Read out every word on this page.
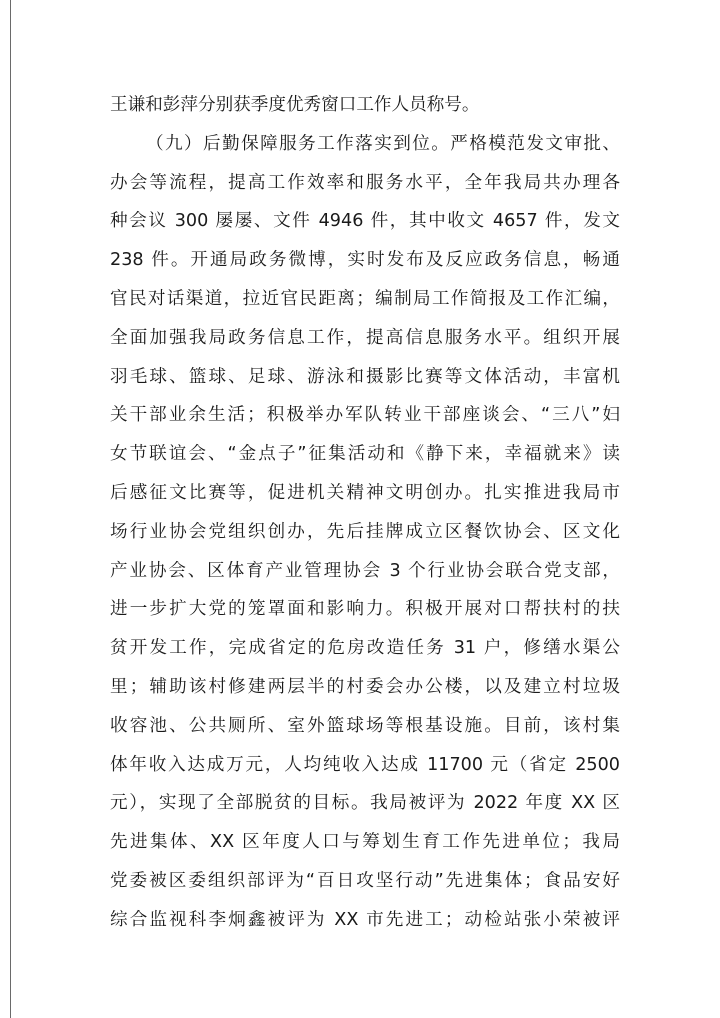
王谦和彭萍分别获季度优秀窗口工作人员称号。
（九）后勤保障服务工作落实到位。严格模范发文审批、
办会等流程，提高工作效率和服务水平，全年我局共办理各
种会议 300 屡屡、文件 4946 件，其中收文 4657 件，发文
238 件。开通局政务微博，实时发布及反应政务信息，畅通
官民对话渠道，拉近官民距离；编制局工作简报及工作汇编，
全面加强我局政务信息工作，提高信息服务水平。组织开展
羽毛球、篮球、足球、游泳和摄影比赛等文体活动，丰富机
关干部业余生活；积极举办军队转业干部座谈会、“三八”妇
女节联谊会、“金点子”征集活动和《静下来，幸福就来》读
后感征文比赛等，促进机关精神文明创办。扎实推进我局市
场行业协会党组织创办，先后挂牌成立区餐饮协会、区文化
产业协会、区体育产业管理协会 3 个行业协会联合党支部，
进一步扩大党的笼罩面和影响力。积极开展对口帮扶村的扶
贫开发工作，完成省定的危房改造任务 31 户，修缮水渠公
里；辅助该村修建两层半的村委会办公楼，以及建立村垃圾
收容池、公共厕所、室外篮球场等根基设施。目前，该村集
体年收入达成万元，人均纯收入达成 11700 元（省定 2500
元），实现了全部脱贫的目标。我局被评为 2022 年度 XX 区
先进集体、XX 区年度人口与筹划生育工作先进单位；我局
党委被区委组织部评为“百日攻坚行动”先进集体；食品安好
综合监视科李炯鑫被评为 XX 市先进工；动检站张小荣被评
